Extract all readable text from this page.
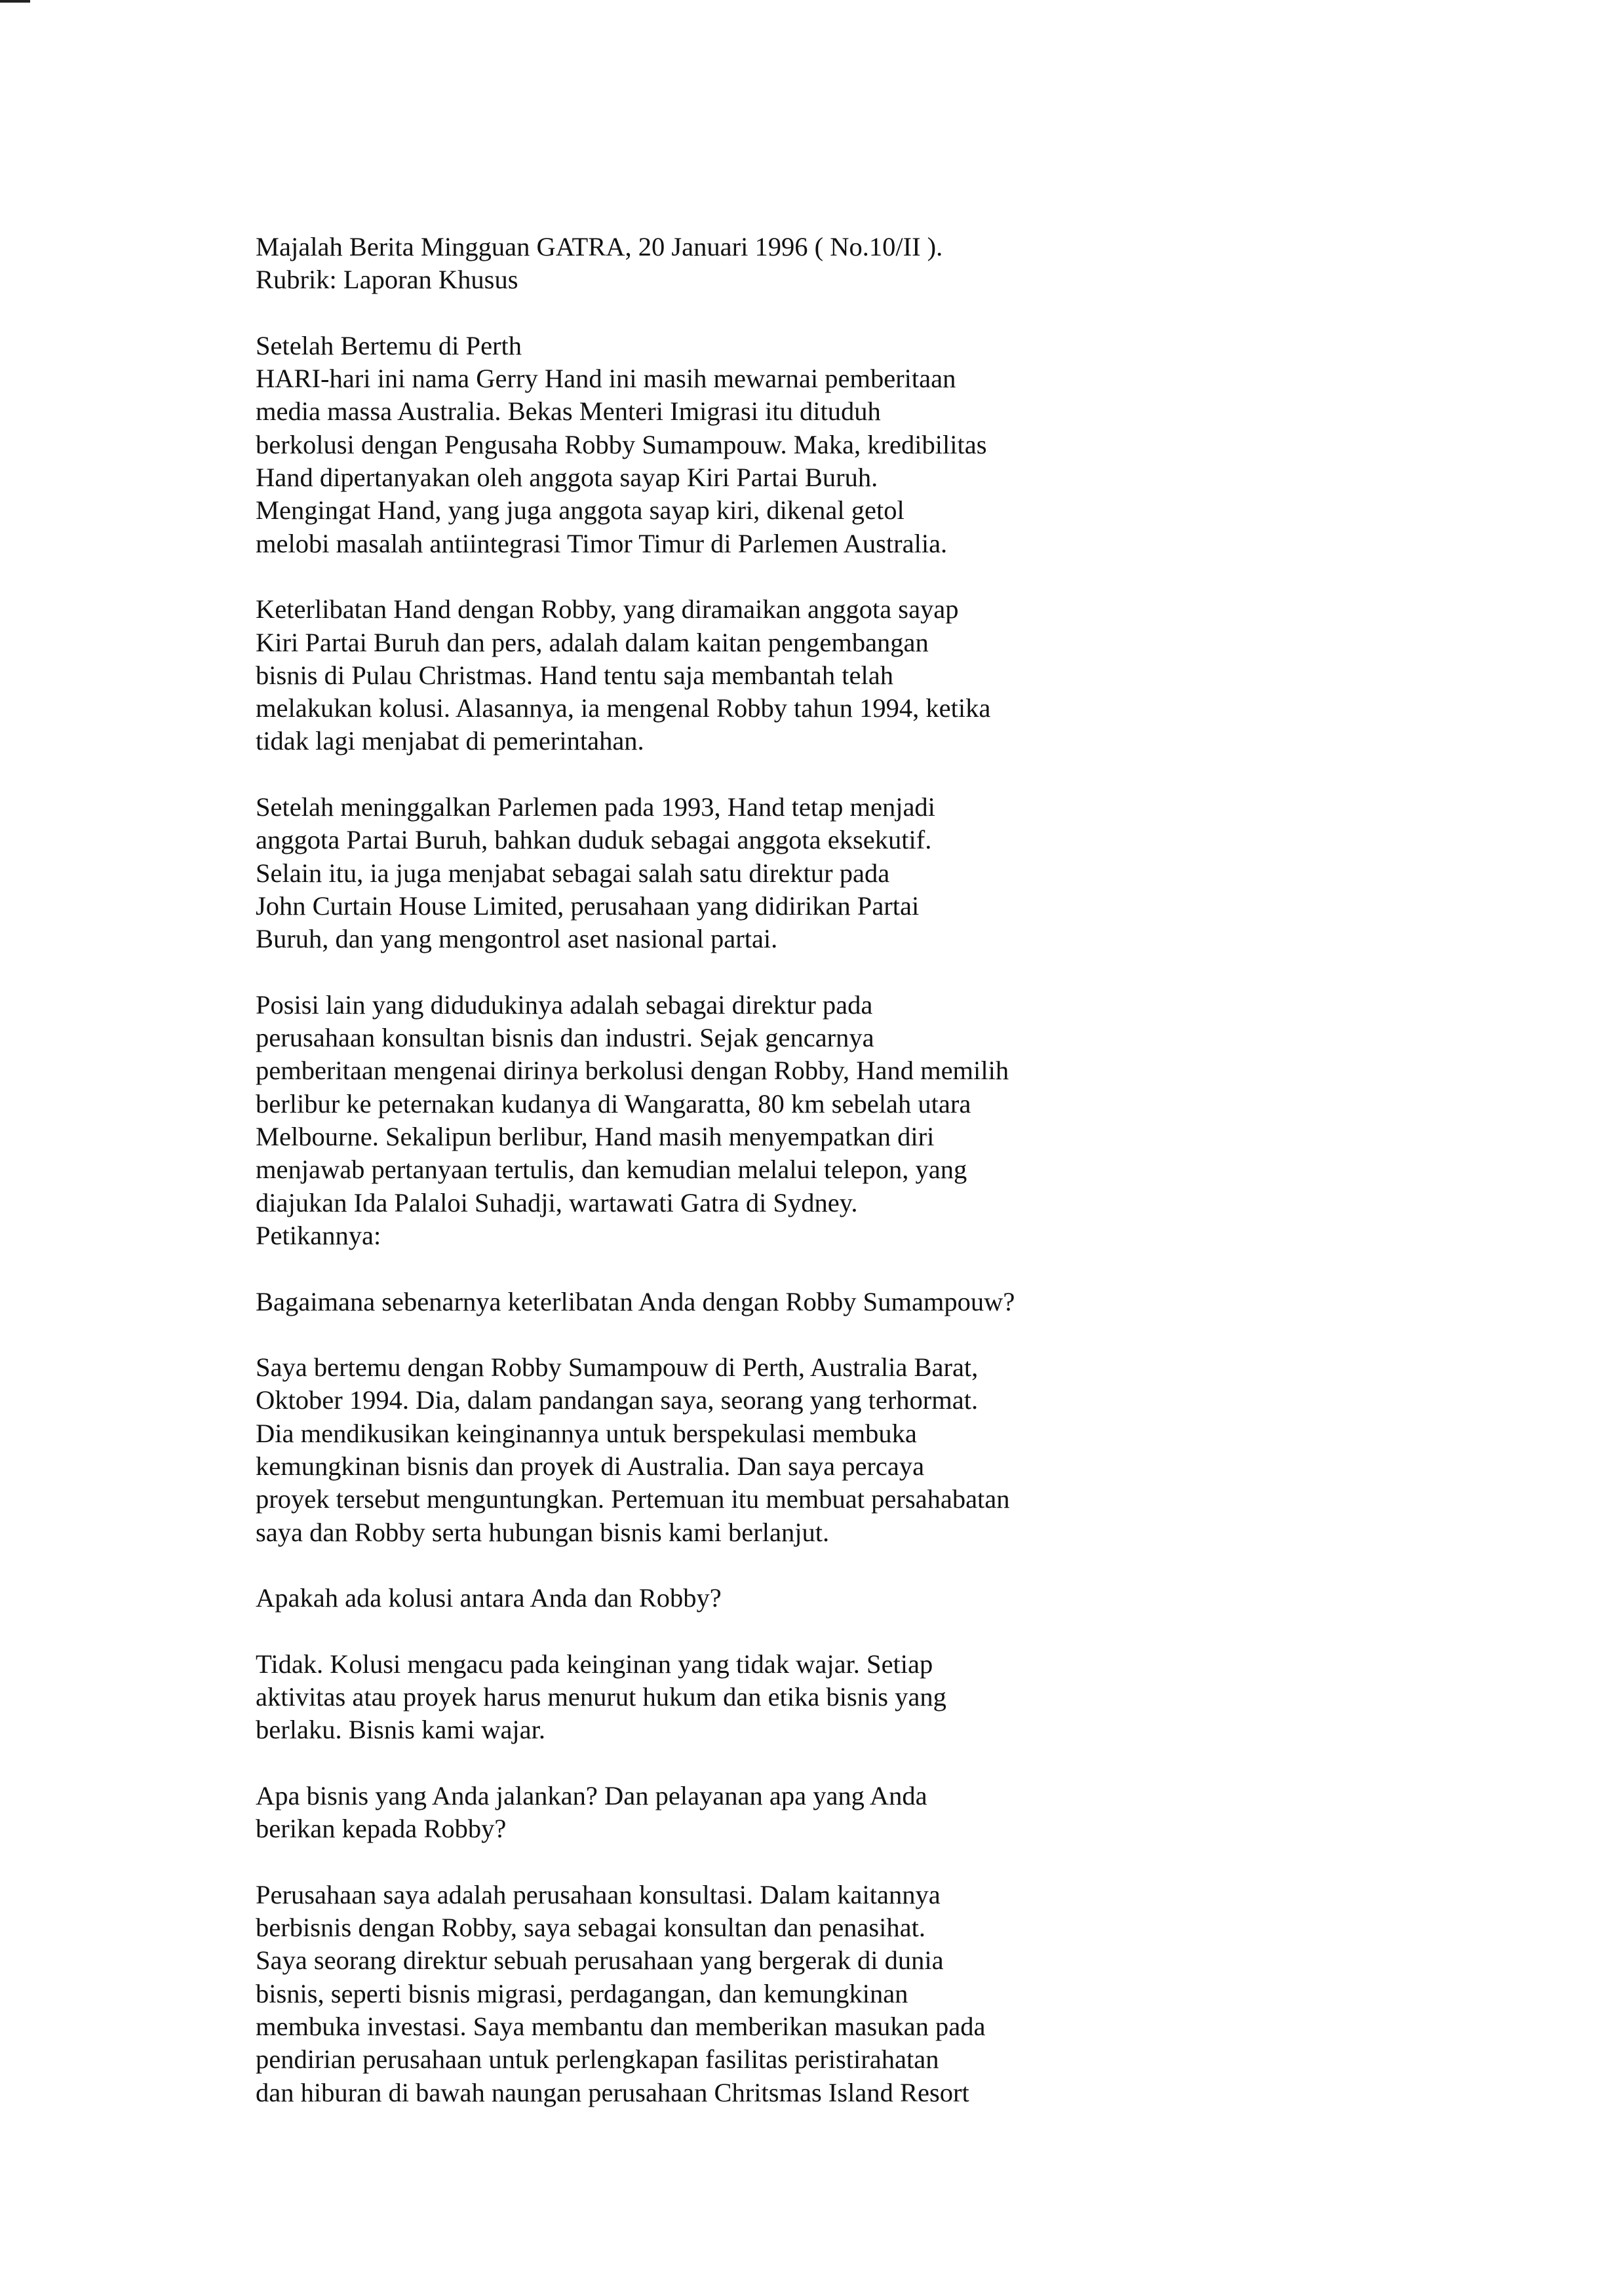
Majalah Berita Mingguan GATRA, 20 Januari 1996 ( No.10/II ).
Rubrik: Laporan Khusus
Setelah Bertemu di Perth
HARI-hari ini nama Gerry Hand ini masih mewarnai pemberitaan
media massa Australia. Bekas Menteri Imigrasi itu dituduh
berkolusi dengan Pengusaha Robby Sumampouw. Maka, kredibilitas
Hand dipertanyakan oleh anggota sayap Kiri Partai Buruh.
Mengingat Hand, yang juga anggota sayap kiri, dikenal getol
melobi masalah antiintegrasi Timor Timur di Parlemen Australia.
Keterlibatan Hand dengan Robby, yang diramaikan anggota sayap
Kiri Partai Buruh dan pers, adalah dalam kaitan pengembangan
bisnis di Pulau Christmas. Hand tentu saja membantah telah
melakukan kolusi. Alasannya, ia mengenal Robby tahun 1994, ketika
tidak lagi menjabat di pemerintahan.
Setelah meninggalkan Parlemen pada 1993, Hand tetap menjadi
anggota Partai Buruh, bahkan duduk sebagai anggota eksekutif.
Selain itu, ia juga menjabat sebagai salah satu direktur pada
John Curtain House Limited, perusahaan yang didirikan Partai
Buruh, dan yang mengontrol aset nasional partai.
Posisi lain yang didudukinya adalah sebagai direktur pada
perusahaan konsultan bisnis dan industri. Sejak gencarnya
pemberitaan mengenai dirinya berkolusi dengan Robby, Hand memilih
berlibur ke peternakan kudanya di Wangaratta, 80 km sebelah utara
Melbourne. Sekalipun berlibur, Hand masih menyempatkan diri
menjawab pertanyaan tertulis, dan kemudian melalui telepon, yang
diajukan Ida Palaloi Suhadji, wartawati Gatra di Sydney.
Petikannya:
Bagaimana sebenarnya keterlibatan Anda dengan Robby Sumampouw?
Saya bertemu dengan Robby Sumampouw di Perth, Australia Barat,
Oktober 1994. Dia, dalam pandangan saya, seorang yang terhormat.
Dia mendikusikan keinginannya untuk berspekulasi membuka
kemungkinan bisnis dan proyek di Australia. Dan saya percaya
proyek tersebut menguntungkan. Pertemuan itu membuat persahabatan
saya dan Robby serta hubungan bisnis kami berlanjut.
Apakah ada kolusi antara Anda dan Robby?
Tidak. Kolusi mengacu pada keinginan yang tidak wajar. Setiap
aktivitas atau proyek harus menurut hukum dan etika bisnis yang
berlaku. Bisnis kami wajar.
Apa bisnis yang Anda jalankan? Dan pelayanan apa yang Anda
berikan kepada Robby?
Perusahaan saya adalah perusahaan konsultasi. Dalam kaitannya
berbisnis dengan Robby, saya sebagai konsultan dan penasihat.
Saya seorang direktur sebuah perusahaan yang bergerak di dunia
bisnis, seperti bisnis migrasi, perdagangan, dan kemungkinan
membuka investasi. Saya membantu dan memberikan masukan pada
pendirian perusahaan untuk perlengkapan fasilitas peristirahatan
dan hiburan di bawah naungan perusahaan Chritsmas Island Resort
